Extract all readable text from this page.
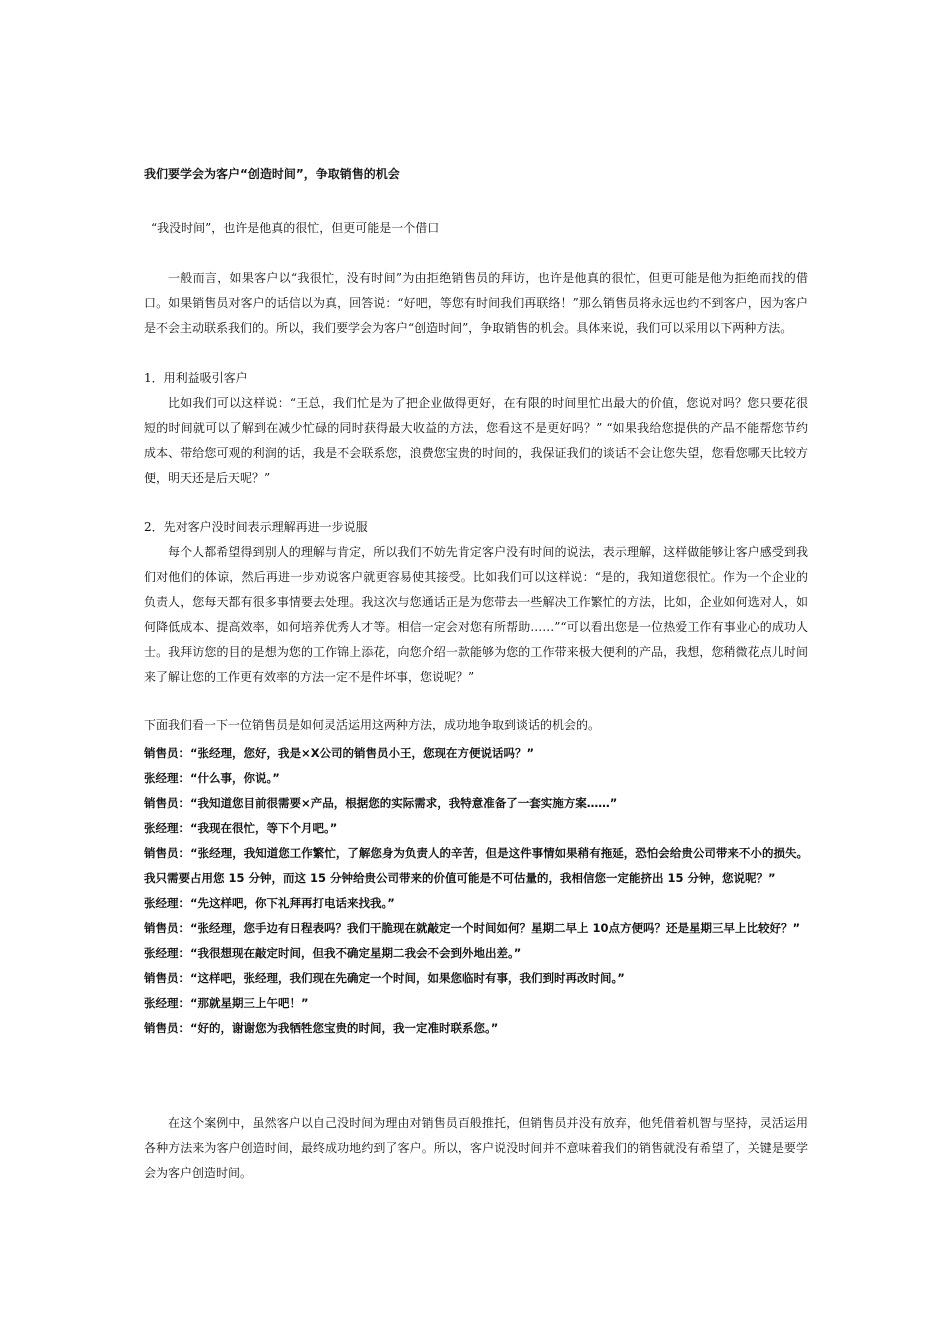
我们要学会为客户“创造时间”，争取销售的机会
“我没时间”，也许是他真的很忙，但更可能是一个借口

一般而言，如果客户以“我很忙，没有时间”为由拒绝销售员的拜访，也许是他真的很忙，但更可能是他为拒绝而找的借口。如果销售员对客户的话信以为真，回答说：“好吧，等您有时间我们再联络！”那么销售员将永远也约不到客户，因为客户是不会主动联系我们的。所以，我们要学会为客户“创造时间”，争取销售的机会。具体来说，我们可以采用以下两种方法。

1．用利益吸引客户

比如我们可以这样说：“王总，我们忙是为了把企业做得更好，在有限的时间里忙出最大的价值，您说对吗？您只要花很短的时间就可以了解到在减少忙碌的同时获得最大收益的方法，您看这不是更好吗？” “如果我给您提供的产品不能帮您节约成本、带给您可观的利润的话，我是不会联系您，浪费您宝贵的时间的，我保证我们的谈话不会让您失望，您看您哪天比较方便，明天还是后天呢？”

2．先对客户没时间表示理解再进一步说服

每个人都希望得到别人的理解与肯定，所以我们不妨先肯定客户没有时间的说法，表示理解，这样做能够让客户感受到我们对他们的体谅，然后再进一步劝说客户就更容易使其接受。比如我们可以这样说：“是的，我知道您很忙。作为一个企业的负责人，您每天都有很多事情要去处理。我这次与您通话正是为您带去一些解决工作繁忙的方法，比如，企业如何选对人，如何降低成本、提高效率，如何培养优秀人才等。相信一定会对您有所帮助……”“可以看出您是一位热爱工作有事业心的成功人士。我拜访您的目的是想为您的工作锦上添花，向您介绍一款能够为您的工作带来极大便利的产品，我想，您稍微花点儿时间来了解让您的工作更有效率的方法一定不是件坏事，您说呢？”

下面我们看一下一位销售员是如何灵活运用这两种方法，成功地争取到谈话的机会的。
销售员：“张经理，您好，我是×X公司的销售员小王，您现在方便说话吗？”
张经理：“什么事，你说。”
销售员：“我知道您目前很需要×产品，根据您的实际需求，我特意准备了一套实施方案……”
张经理：“我现在很忙，等下个月吧。”
销售员：“张经理，我知道您工作繁忙，了解您身为负责人的辛苦，但是这件事情如果稍有拖延，恐怕会给贵公司带来不小的损失。我只需要占用您 15 分钟，而这 15 分钟给贵公司带来的价值可能是不可估量的，我相信您一定能挤出 15 分钟，您说呢？”
张经理：“先这样吧，你下礼拜再打电话来找我。”
销售员：“张经理，您手边有日程表吗？我们干脆现在就敲定一个时间如何？星期二早上 10点方便吗？还是星期三早上比较好？”
张经理：“我很想现在敲定时间，但我不确定星期二我会不会到外地出差。”
销售员：“这样吧，张经理，我们现在先确定一个时间，如果您临时有事，我们到时再改时间。”
张经理：“那就星期三上午吧！”
销售员：“好的，谢谢您为我牺牲您宝贵的时间，我一定准时联系您。”

在这个案例中，虽然客户以自己没时间为理由对销售员百般推托，但销售员并没有放弃，他凭借着机智与坚持，灵活运用各种方法来为客户创造时间，最终成功地约到了客户。所以，客户说没时间并不意味着我们的销售就没有希望了，关键是要学会为客户创造时间。
